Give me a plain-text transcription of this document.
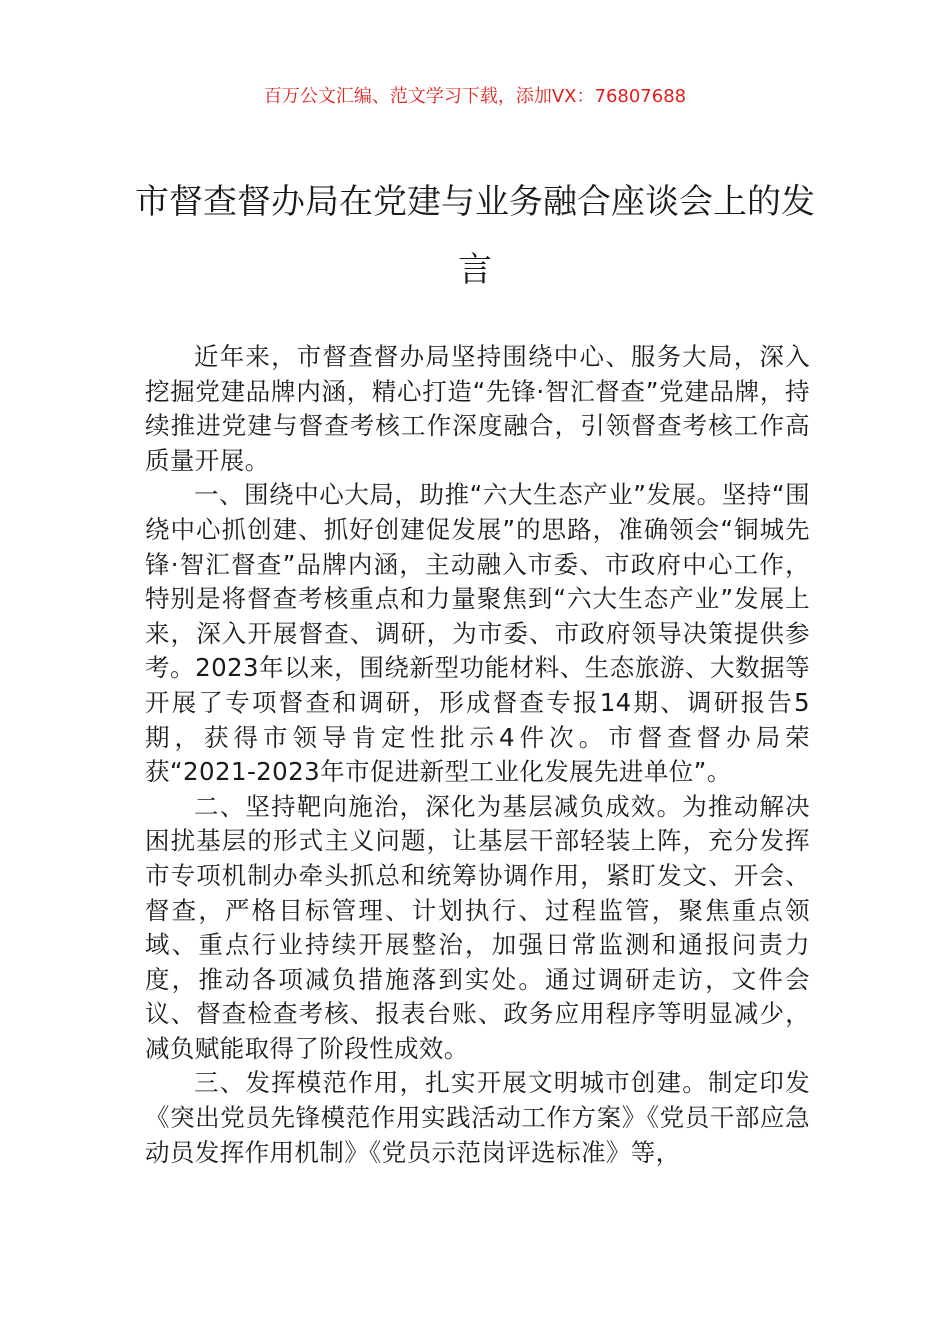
百万公文汇编、范文学习下载，添加VX：76807688
市督查督办局在党建与业务融合座谈会上的发言

近年来，市督查督办局坚持围绕中心、服务大局，深入挖掘党建品牌内涵，精心打造“先锋·智汇督查”党建品牌，持续推进党建与督查考核工作深度融合，引领督查考核工作高质量开展。

一、围绕中心大局，助推“六大生态产业”发展。坚持“围绕中心抓创建、抓好创建促发展”的思路，准确领会“铜城先锋·智汇督查”品牌内涵，主动融入市委、市政府中心工作，特别是将督查考核重点和力量聚焦到“六大生态产业”发展上来，深入开展督查、调研，为市委、市政府领导决策提供参考。2023年以来，围绕新型功能材料、生态旅游、大数据等开展了专项督查和调研，形成督查专报14期、调研报告5期，获得市领导肯定性批示4件次。市督查督办局荣获“2021-2023年市促进新型工业化发展先进单位”。

二、坚持靶向施治，深化为基层减负成效。为推动解决困扰基层的形式主义问题，让基层干部轻装上阵，充分发挥市专项机制办牵头抓总和统筹协调作用，紧盯发文、开会、督查，严格目标管理、计划执行、过程监管，聚焦重点领域、重点行业持续开展整治，加强日常监测和通报问责力度，推动各项减负措施落到实处。通过调研走访，文件会议、督查检查考核、报表台账、政务应用程序等明显减少，减负赋能取得了阶段性成效。

三、发挥模范作用，扎实开展文明城市创建。制定印发《突出党员先锋模范作用实践活动工作方案》《党员干部应急动员发挥作用机制》《党员示范岗评选标准》等，
